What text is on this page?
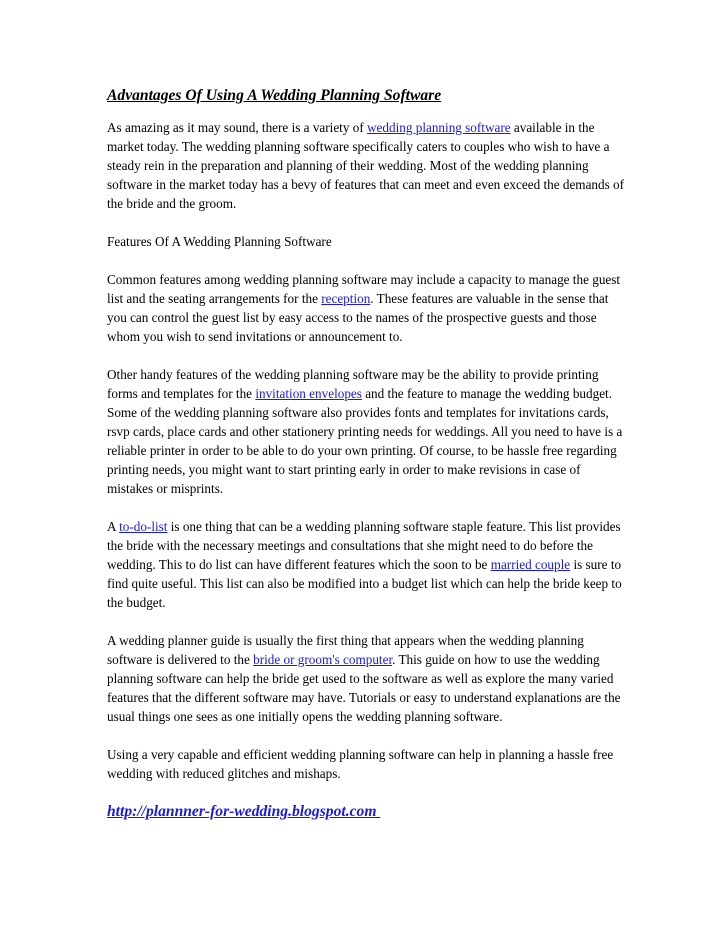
Advantages Of Using A Wedding Planning Software

As amazing as it may sound, there is a variety of wedding planning software available in the market today. The wedding planning software specifically caters to couples who wish to have a steady rein in the preparation and planning of their wedding. Most of the wedding planning software in the market today has a bevy of features that can meet and even exceed the demands of the bride and the groom.

Features Of A Wedding Planning Software

Common features among wedding planning software may include a capacity to manage the guest list and the seating arrangements for the reception. These features are valuable in the sense that you can control the guest list by easy access to the names of the prospective guests and those whom you wish to send invitations or announcement to.

Other handy features of the wedding planning software may be the ability to provide printing forms and templates for the invitation envelopes and the feature to manage the wedding budget. Some of the wedding planning software also provides fonts and templates for invitations cards, rsvp cards, place cards and other stationery printing needs for weddings. All you need to have is a reliable printer in order to be able to do your own printing. Of course, to be hassle free regarding printing needs, you might want to start printing early in order to make revisions in case of mistakes or misprints.

A to-do-list is one thing that can be a wedding planning software staple feature. This list provides the bride with the necessary meetings and consultations that she might need to do before the wedding. This to do list can have different features which the soon to be married couple is sure to find quite useful. This list can also be modified into a budget list which can help the bride keep to the budget.

A wedding planner guide is usually the first thing that appears when the wedding planning software is delivered to the bride or groom's computer. This guide on how to use the wedding planning software can help the bride get used to the software as well as explore the many varied features that the different software may have. Tutorials or easy to understand explanations are the usual things one sees as one initially opens the wedding planning software.

Using a very capable and efficient wedding planning software can help in planning a hassle free wedding with reduced glitches and mishaps.

http://plannner-for-wedding.blogspot.com
